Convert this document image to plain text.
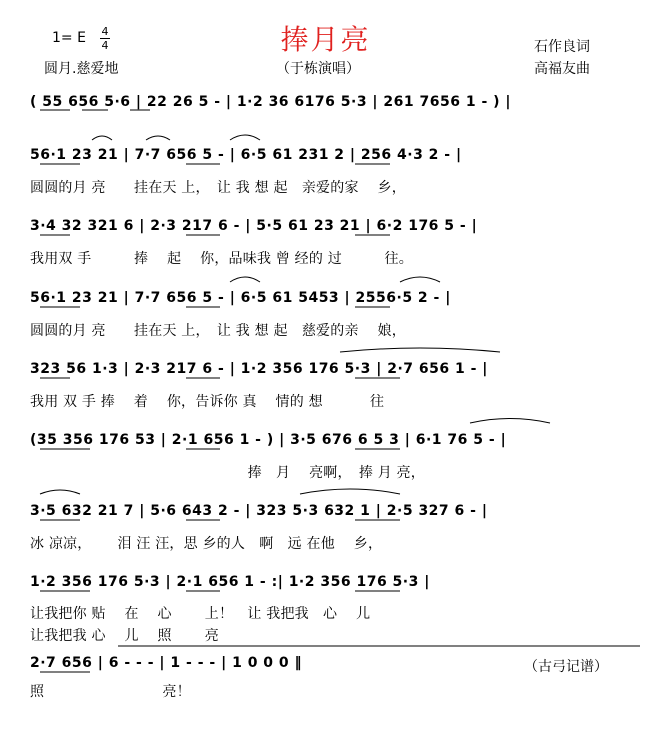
捧月亮
1= E 4
4
圆月.慈爱地	（于栋演唱）
石作良词
高福友曲
( 55 656 5·6 | 22 26 5 - | 1·2 36 6176 5·3 | 261 7656 1 - ) |
56·1 23 21 | 7·7 656 5 - | 6·5 61 231 2 | 256 4·3 2 - |
圆圆的月 亮　　挂在天 上，　让 我 想 起　亲爱的家　 乡，
3·4 32 321 6 | 2·3 217 6 - | 5·5 61 23 21 | 6·2 176 5 - |
我用双 手　　　捧　 起　 你，品味我 曾 经的 过　　　往。
56·1 23 21 | 7·7 656 5 - | 6·5 61 5453 | 2556·5 2 - |
圆圆的月 亮　　挂在天 上，　让 我 想 起　慈爱的亲　 娘，
323 56 1·3 | 2·3 217 6 - | 1·2 356 176 5·3 | 2·7 656 1 - |
我用 双 手 捧　 着　 你，告诉你 真　 情的 想　　　 往
(35 356 176 53 | 2·1 656 1 - ) | 3·5 676 6 5 3 | 6·1 76 5 - |
　　　　　　　　　　　　　　　 捧　月　 亮啊，　捧 月 亮，
3·5 632 21 7 | 5·6 643 2 - | 323 5·3 632 1 | 2·5 327 6 - |
冰 凉凉，　　 泪 汪 汪，思 乡的人　啊　远 在他　 乡，
1·2 356 176 5·3 | 2·1 656 1 - :| 1·2 356 176 5·3 |
让我把你 贴　 在　 心　　 上！　让 我把我　心　 儿
让我把我 心　 儿　 照　　 亮
2·7 656 | 6 - - - | 1 - - - | 1 0 0 0 ‖
照　　　　　　　　 亮！
（古弓记谱）
